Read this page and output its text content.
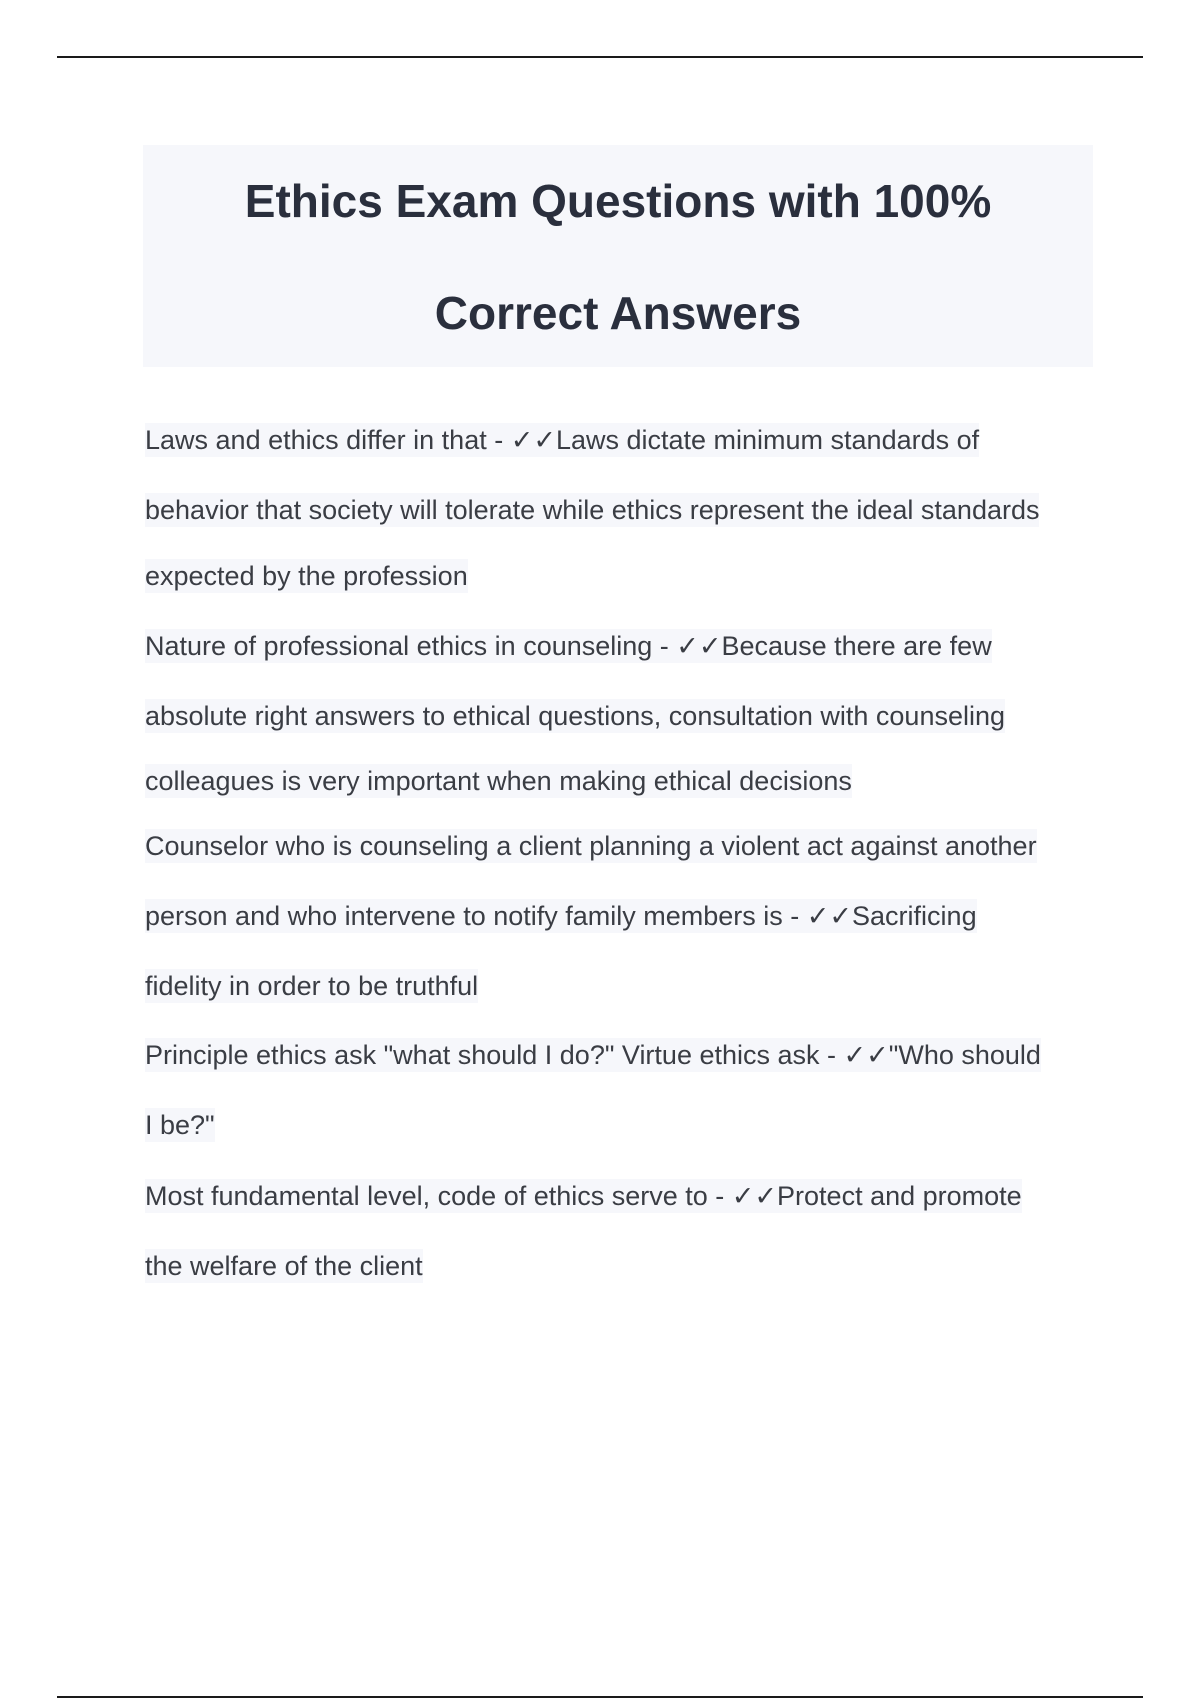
Ethics Exam Questions with 100%
Correct Answers
Laws and ethics differ in that - ✓✓Laws dictate minimum standards of
behavior that society will tolerate while ethics represent the ideal standards
expected by the profession
Nature of professional ethics in counseling - ✓✓Because there are few
absolute right answers to ethical questions, consultation with counseling
colleagues is very important when making ethical decisions
Counselor who is counseling a client planning a violent act against another
person and who intervene to notify family members is - ✓✓Sacrificing
fidelity in order to be truthful
Principle ethics ask "what should I do?" Virtue ethics ask - ✓✓"Who should
I be?"
Most fundamental level, code of ethics serve to - ✓✓Protect and promote
the welfare of the client
